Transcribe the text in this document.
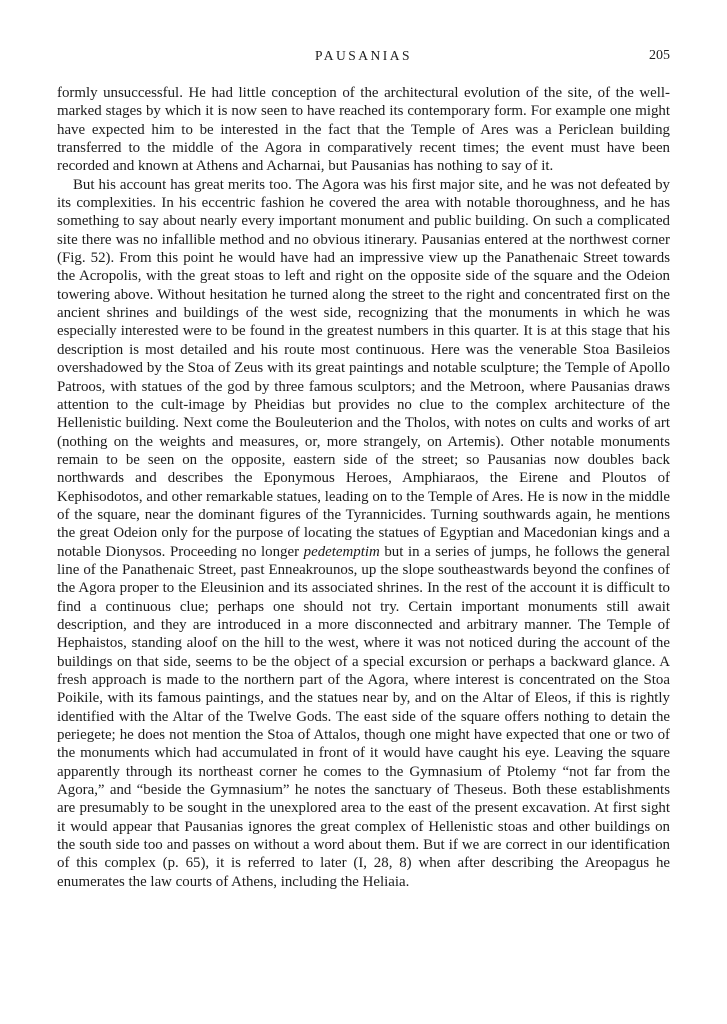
PAUSANIAS	205

formly unsuccessful. He had little conception of the architectural evolution of the site, of the well-marked stages by which it is now seen to have reached its contemporary form. For example one might have expected him to be interested in the fact that the Temple of Ares was a Periclean building transferred to the middle of the Agora in comparatively recent times; the event must have been recorded and known at Athens and Acharnai, but Pausanias has nothing to say of it.

But his account has great merits too. The Agora was his first major site, and he was not defeated by its complexities. In his eccentric fashion he covered the area with notable thoroughness, and he has something to say about nearly every important monument and public building. On such a complicated site there was no infallible method and no obvious itinerary. Pausanias entered at the northwest corner (Fig. 52). From this point he would have had an impressive view up the Panathenaic Street towards the Acropolis, with the great stoas to left and right on the opposite side of the square and the Odeion towering above. Without hesitation he turned along the street to the right and concentrated first on the ancient shrines and buildings of the west side, recognizing that the monuments in which he was especially interested were to be found in the greatest numbers in this quarter. It is at this stage that his description is most detailed and his route most continuous. Here was the venerable Stoa Basileios overshadowed by the Stoa of Zeus with its great paintings and notable sculpture; the Temple of Apollo Patroos, with statues of the god by three famous sculptors; and the Metroon, where Pausanias draws attention to the cult-image by Pheidias but provides no clue to the complex architecture of the Hellenistic building. Next come the Bouleuterion and the Tholos, with notes on cults and works of art (nothing on the weights and measures, or, more strangely, on Artemis). Other notable monuments remain to be seen on the opposite, eastern side of the street; so Pausanias now doubles back northwards and describes the Eponymous Heroes, Amphiaraos, the Eirene and Ploutos of Kephisodotos, and other remarkable statues, leading on to the Temple of Ares. He is now in the middle of the square, near the dominant figures of the Tyrannicides. Turning southwards again, he mentions the great Odeion only for the purpose of locating the statues of Egyptian and Macedonian kings and a notable Dionysos. Proceeding no longer pedetemptim but in a series of jumps, he follows the general line of the Panathenaic Street, past Enneakrounos, up the slope southeastwards beyond the confines of the Agora proper to the Eleusinion and its associated shrines. In the rest of the account it is difficult to find a continuous clue; perhaps one should not try. Certain important monuments still await description, and they are introduced in a more disconnected and arbitrary manner. The Temple of Hephaistos, standing aloof on the hill to the west, where it was not noticed during the account of the buildings on that side, seems to be the object of a special excursion or perhaps a backward glance. A fresh approach is made to the northern part of the Agora, where interest is concentrated on the Stoa Poikile, with its famous paintings, and the statues near by, and on the Altar of Eleos, if this is rightly identified with the Altar of the Twelve Gods. The east side of the square offers nothing to detain the periegete; he does not mention the Stoa of Attalos, though one might have expected that one or two of the monuments which had accumulated in front of it would have caught his eye. Leaving the square apparently through its northeast corner he comes to the Gymnasium of Ptolemy “not far from the Agora,” and “beside the Gymnasium” he notes the sanctuary of Theseus. Both these establishments are presumably to be sought in the unexplored area to the east of the present excavation. At first sight it would appear that Pausanias ignores the great complex of Hellenistic stoas and other buildings on the south side too and passes on without a word about them. But if we are correct in our identification of this complex (p. 65), it is referred to later (I, 28, 8) when after describing the Areopagus he enumerates the law courts of Athens, including the Heliaia.
